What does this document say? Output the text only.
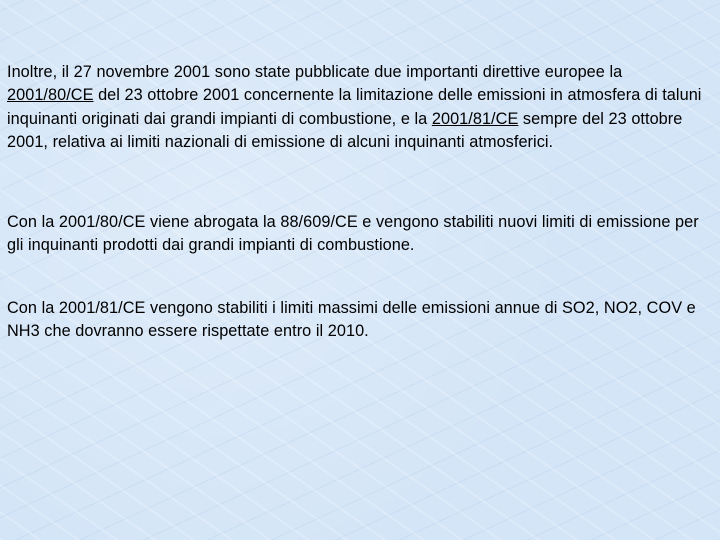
Inoltre, il 27 novembre 2001 sono state pubblicate due importanti direttive europee la 2001/80/CE del 23 ottobre 2001 concernente la limitazione delle emissioni in atmosfera di taluni inquinanti originati dai grandi impianti di combustione, e la 2001/81/CE sempre del 23 ottobre 2001, relativa ai limiti nazionali di emissione di alcuni inquinanti atmosferici.

Con la 2001/80/CE viene abrogata la 88/609/CE e vengono stabiliti nuovi limiti di emissione per gli inquinanti prodotti dai grandi impianti di combustione.

Con la 2001/81/CE vengono stabiliti i limiti massimi delle emissioni annue di SO2, NO2, COV e NH3 che dovranno essere rispettate entro il 2010.
